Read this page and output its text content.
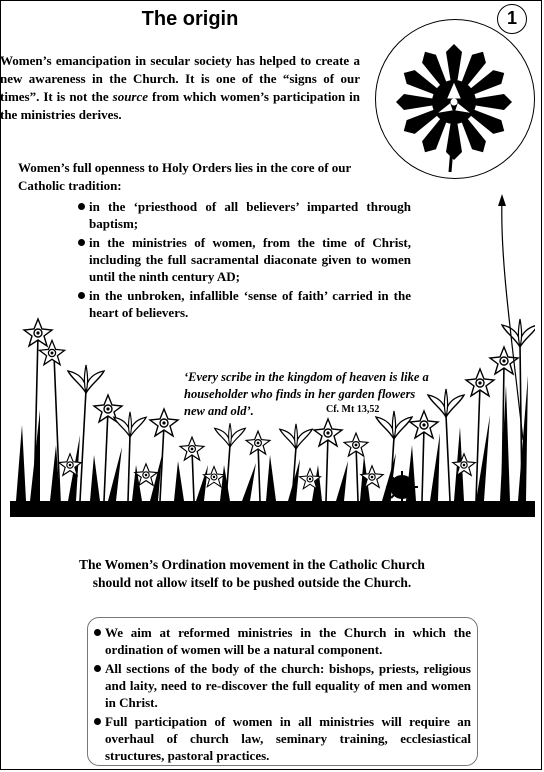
The origin	1

Women’s emancipation in secular society has helped to create a new awareness in the Church. It is one of the “signs of our times”. It is not the source from which women’s participation in the ministries derives.

Women’s full openness to Holy Orders lies in the core of our Catholic tradition:

in the ‘priesthood of all believers’ imparted through baptism;
in the ministries of women, from the time of Christ, including the full sacramental diaconate given to women until the ninth century AD;
in the unbroken, infallible ‘sense of faith’ carried in the heart of believers.

‘Every scribe in the kingdom of heaven is like a householder who finds in her garden flowers new and old’.	Cf. Mt 13,52

The Women’s Ordination movement in the Catholic Church should not allow itself to be pushed outside the Church.

We aim at reformed ministries in the Church in which the ordination of women will be a natural component.
All sections of the body of the church: bishops, priests, religious and laity, need to re-discover the full equality of men and women in Christ.
Full participation of women in all ministries will require an overhaul of church law, seminary training, ecclesiastical structures, pastoral practices.
